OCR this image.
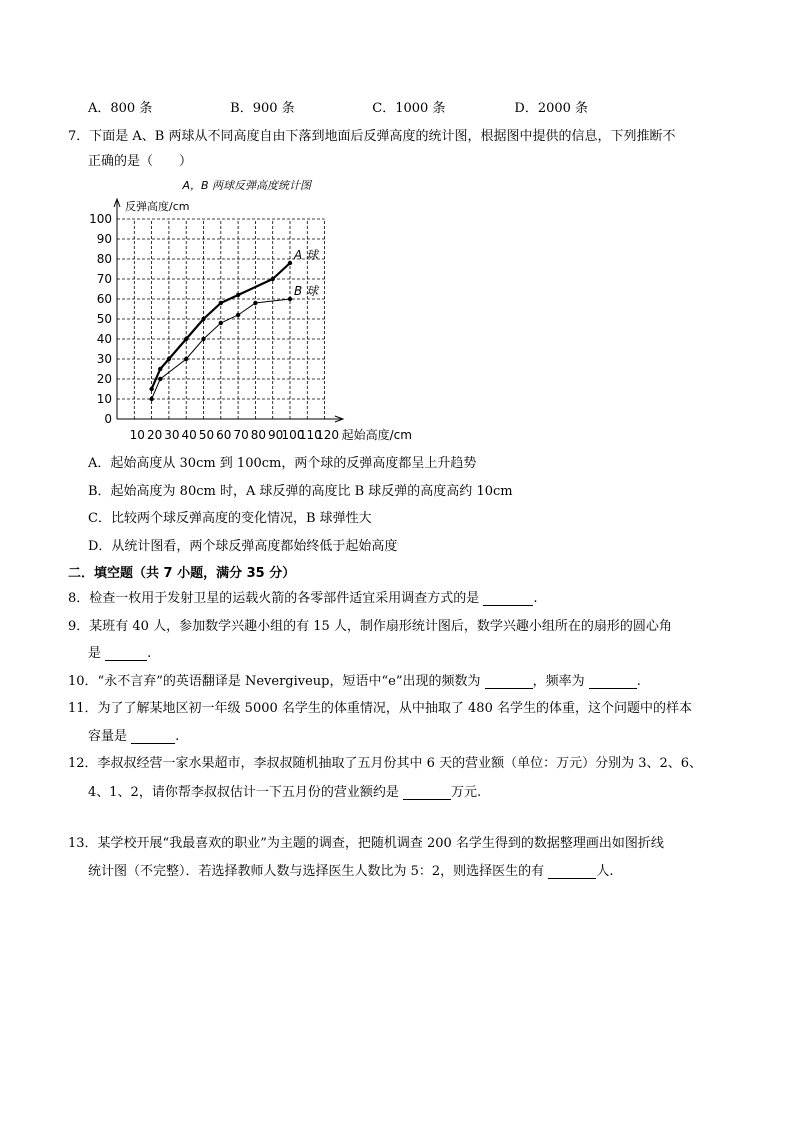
A．800 条	B．900 条	C．1000 条	D．2000 条
7．下面是 A、B 两球从不同高度自由下落到地面后反弹高度的统计图，根据图中提供的信息，下列推断不
正确的是（　　）
A，B 两球反弹高度统计图
反弹高度/cm
0
10
20
30
40
50
60
70
80
90
100
10 20 30 40 50 60 70 80 90
100
110
120 起始高度/cm
A 球
B 球
A．起始高度从 30cm 到 100cm，两个球的反弹高度都呈上升趋势
B．起始高度为 80cm 时，A 球反弹的高度比 B 球反弹的高度高约 10cm
C．比较两个球反弹高度的变化情况，B 球弹性大
D．从统计图看，两个球反弹高度都始终低于起始高度
二．填空题（共 7 小题，满分 35 分）
8．检查一枚用于发射卫星的运载火箭的各零部件适宜采用调查方式的是	.
9．某班有 40 人，参加数学兴趣小组的有 15 人，制作扇形统计图后，数学兴趣小组所在的扇形的圆心角
是	.
10．“永不言弃”的英语翻译是 Nevergiveup，短语中“e”出现的频数为	，频率为	.
11．为了了解某地区初一年级 5000 名学生的体重情况，从中抽取了 480 名学生的体重，这个问题中的样本
容量是	.
12．李叔叔经营一家水果超市，李叔叔随机抽取了五月份其中 6 天的营业额（单位：万元）分别为 3、2、6、
4、1、2，请你帮李叔叔估计一下五月份的营业额约是	万元.
13．某学校开展“我最喜欢的职业”为主题的调查，把随机调查 200 名学生得到的数据整理画出如图折线
统计图（不完整）．若选择教师人数与选择医生人数比为 5：2，则选择医生的有	人.
